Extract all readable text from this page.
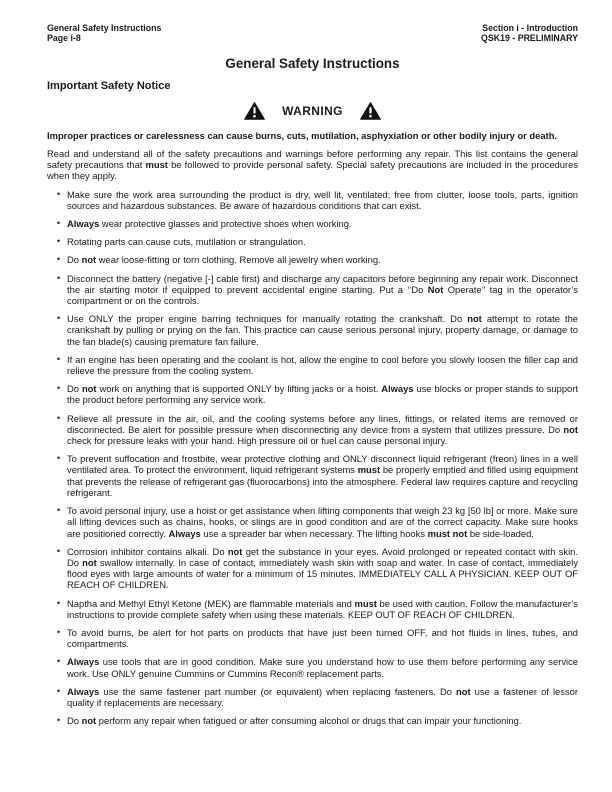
General Safety Instructions
Page i-8
Section i - Introduction
QSK19 - PRELIMINARY
General Safety Instructions
Important Safety Notice
WARNING

Improper practices or carelessness can cause burns, cuts, mutilation, asphyxiation or other bodily injury or death.

Read and understand all of the safety precautions and warnings before performing any repair. This list contains the general safety precautions that must be followed to provide personal safety. Special safety precautions are included in the procedures when they apply.

• Make sure the work area surrounding the product is dry, well lit, ventilated; free from clutter, loose tools, parts, ignition sources and hazardous substances. Be aware of hazardous conditions that can exist.
• Always wear protective glasses and protective shoes when working.
• Rotating parts can cause cuts, mutilation or strangulation.
• Do not wear loose-fitting or torn clothing. Remove all jewelry when working.
• Disconnect the battery (negative [-] cable first) and discharge any capacitors before beginning any repair work. Disconnect the air starting motor if equipped to prevent accidental engine starting. Put a ‘‘Do Not Operate’’ tag in the operator’s compartment or on the controls.
• Use ONLY the proper engine barring techniques for manually rotating the crankshaft. Do not attempt to rotate the crankshaft by pulling or prying on the fan. This practice can cause serious personal injury, property damage, or damage to the fan blade(s) causing premature fan failure.
• If an engine has been operating and the coolant is hot, allow the engine to cool before you slowly loosen the filler cap and relieve the pressure from the cooling system.
• Do not work on anything that is supported ONLY by lifting jacks or a hoist. Always use blocks or proper stands to support the product before performing any service work.
• Relieve all pressure in the air, oil, and the cooling systems before any lines, fittings, or related items are removed or disconnected. Be alert for possible pressure when disconnecting any device from a system that utilizes pressure. Do not check for pressure leaks with your hand. High pressure oil or fuel can cause personal injury.
• To prevent suffocation and frostbite, wear protective clothing and ONLY disconnect liquid refrigerant (freon) lines in a well ventilated area. To protect the environment, liquid refrigerant systems must be properly emptied and filled using equipment that prevents the release of refrigerant gas (fluorocarbons) into the atmosphere. Federal law requires capture and recycling refrigerant.
• To avoid personal injury, use a hoist or get assistance when lifting components that weigh 23 kg [50 lb] or more. Make sure all lifting devices such as chains, hooks, or slings are in good condition and are of the correct capacity. Make sure hooks are positioned correctly. Always use a spreader bar when necessary. The lifting hooks must not be side-loaded.
• Corrosion inhibitor contains alkali. Do not get the substance in your eyes. Avoid prolonged or repeated contact with skin. Do not swallow internally. In case of contact, immediately wash skin with soap and water. In case of contact, immediately flood eyes with large amounts of water for a minimum of 15 minutes. IMMEDIATELY CALL A PHYSICIAN. KEEP OUT OF REACH OF CHILDREN.
• Naptha and Methyl Ethyl Ketone (MEK) are flammable materials and must be used with caution. Follow the manufacturer’s instructions to provide complete safety when using these materials. KEEP OUT OF REACH OF CHILDREN.
• To avoid burns, be alert for hot parts on products that have just been turned OFF, and hot fluids in lines, tubes, and compartments.
• Always use tools that are in good condition. Make sure you understand how to use them before performing any service work. Use ONLY genuine Cummins or Cummins Recon® replacement parts.
• Always use the same fastener part number (or equivalent) when replacing fasteners. Do not use a fastener of lessor quality if replacements are necessary.
• Do not perform any repair when fatigued or after consuming alcohol or drugs that can impair your functioning.
